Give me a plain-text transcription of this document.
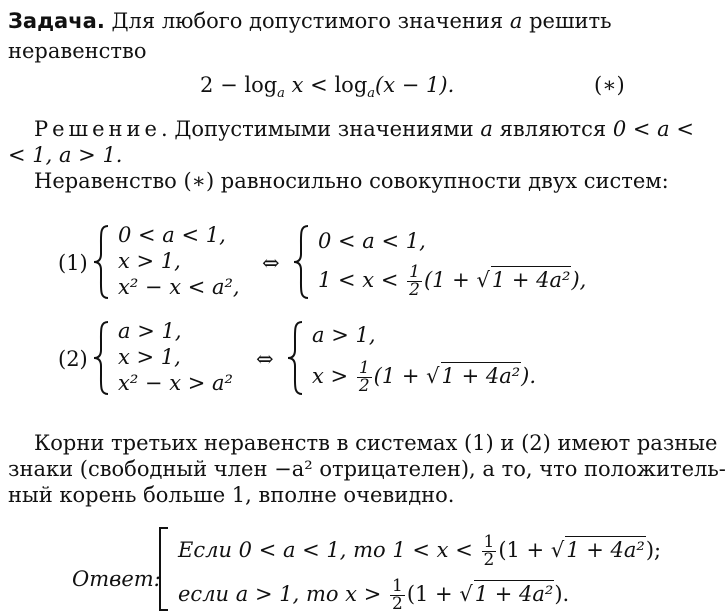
Задача. Для любого допустимого значения a решить
неравенство
$2 - \log_a x < \log_a(x - 1)$.	(∗)
Решение. Допустимыми значениями a являются 0 < a <
< 1, a > 1.
Неравенство (∗) равносильно совокупности двух систем:
(1)
0 < a < 1,
x > 1,
x² − x < a²,
⇔
0 < a < 1,
$1 < x < \frac{1}{2} (1 + √1 + 4a^2)$,
(2)
a > 1,
x > 1,
x² − x > a²
⇔
a > 1,
$x > \frac{1}{2} (1 + √1 + 4a^2)$.
Корни третьих неравенств в системах (1) и (2) имеют разные
знаки (свободный член −a² отрицателен), а то, что положитель-
ный корень больше 1, вполне очевидно.
Ответ:
Если 0 < a < 1, то $1 < x < \frac{1}{2} (1 + √1 + 4a^2)$;
если a > 1, то $x > \frac{1}{2} (1 + √1 + 4a^2)$.
